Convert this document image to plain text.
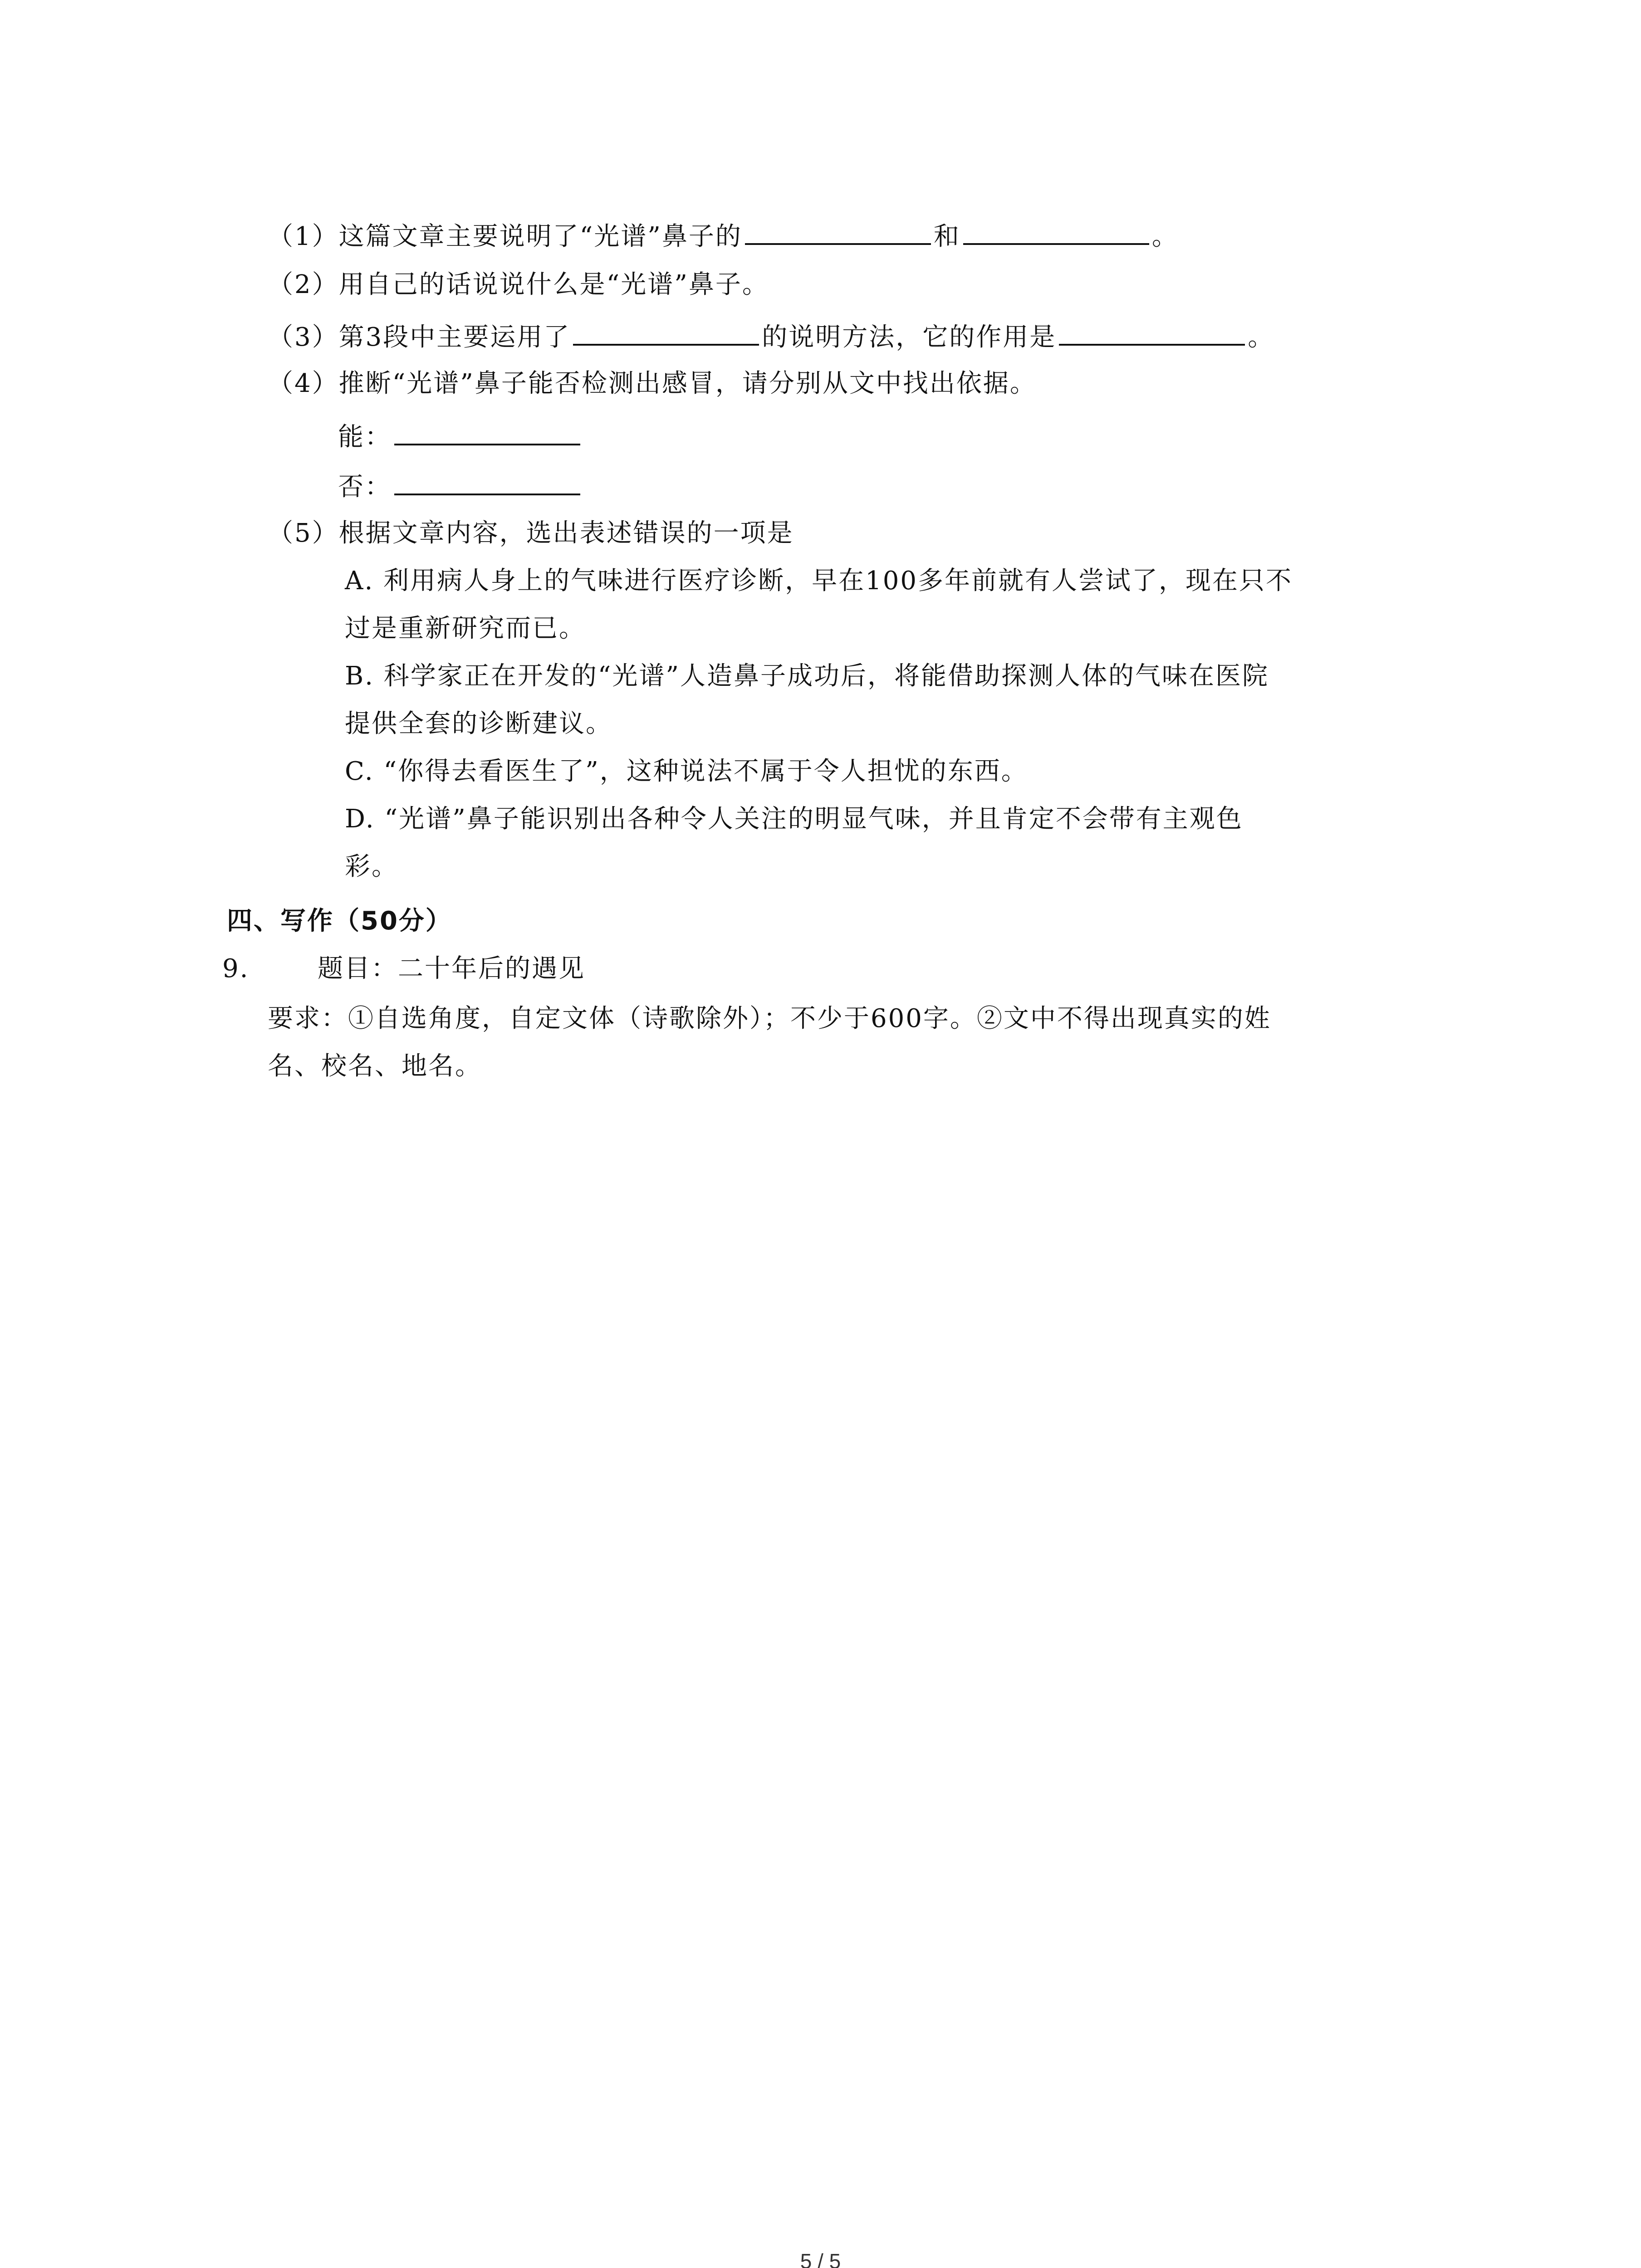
（1）这篇文章主要说明了“光谱”鼻子的	和	。
（2）用自己的话说说什么是“光谱”鼻子。
（3）第3段中主要运用了	的说明方法，它的作用是	。
（4）推断“光谱”鼻子能否检测出感冒，请分别从文中找出依据。
能：
否：
（5）根据文章内容，选出表述错误的一项是
A. 利用病人身上的气味进行医疗诊断，早在100多年前就有人尝试了，现在只不
过是重新研究而已。
B. 科学家正在开发的“光谱”人造鼻子成功后，将能借助探测人体的气味在医院
提供全套的诊断建议。
C. “你得去看医生了”，这种说法不属于令人担忧的东西。
D. “光谱”鼻子能识别出各种令人关注的明显气味，并且肯定不会带有主观色
彩。
四、写作（50分）
9.	题目：二十年后的遇见
要求：①自选角度，自定文体（诗歌除外）；不少于600字。②文中不得出现真实的姓
名、校名、地名。
5 / 5
